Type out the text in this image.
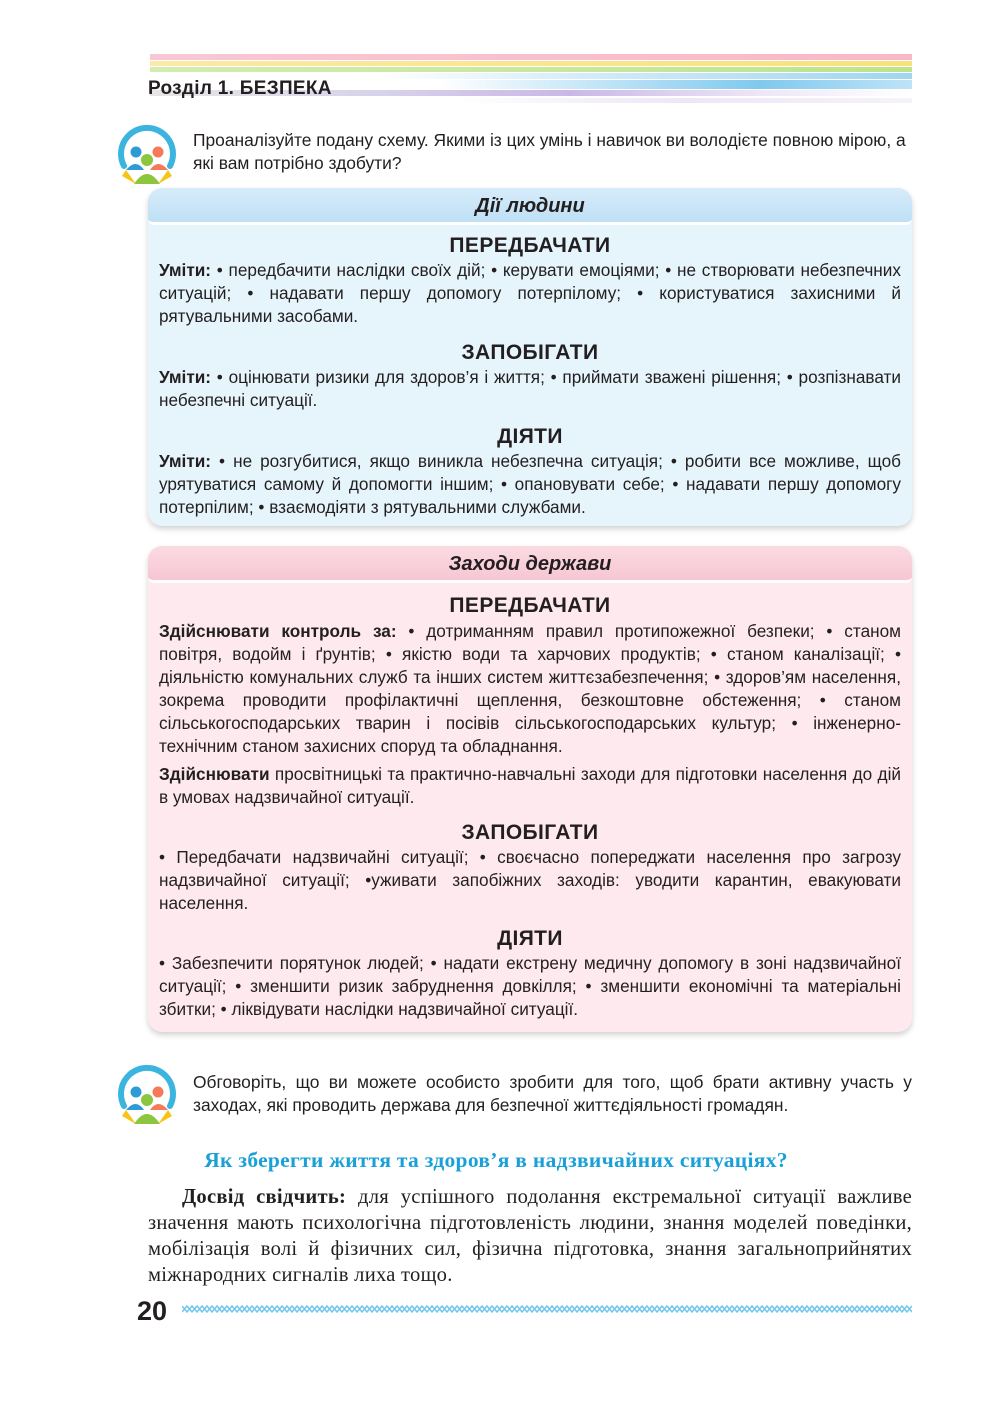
Розділ 1. БЕЗПЕКА
Проаналізуйте подану схему. Якими із цих умінь і навичок ви володієте повною мірою, а які вам потрібно здобути?
Дії людини
ПЕРЕДБАЧАТИ
Уміти: • передбачити наслідки своїх дій; • керувати емоціями; • не створювати небезпечних ситуацій; • надавати першу допомогу потерпілому; • користуватися захисними й рятувальними засобами.
ЗАПОБІГАТИ
Уміти: • оцінювати ризики для здоров’я і життя; • приймати зважені рішення; • розпізнавати небезпечні ситуації.
ДІЯТИ
Уміти: • не розгубитися, якщо виникла небезпечна ситуація; • робити все можливе, щоб урятуватися самому й допомогти іншим; • опановувати себе; • надавати першу допомогу потерпілим; • взаємодіяти з рятувальними службами.
Заходи держави
ПЕРЕДБАЧАТИ
Здійснювати контроль за: • дотриманням правил протипожежної безпеки; • станом повітря, водойм і ґрунтів; • якістю води та харчових продуктів; • станом каналізації; • діяльністю комунальних служб та інших систем життєзабезпечення; • здоров’ям населення, зокрема проводити профілактичні щеплення, безкоштовне обстеження; • станом сільськогосподарських тварин і посівів сільськогосподарських культур; • інженерно-технічним станом захисних споруд та обладнання.
Здійснювати просвітницькі та практично-навчальні заходи для підготовки населення до дій в умовах надзвичайної ситуації.
ЗАПОБІГАТИ
• Передбачати надзвичайні ситуації; • своєчасно попереджати населення про загрозу надзвичайної ситуації; •уживати запобіжних заходів: уводити карантин, евакуювати населення.
ДІЯТИ
• Забезпечити порятунок людей; • надати екстрену медичну допомогу в зоні надзвичайної ситуації; • зменшити ризик забруднення довкілля; • зменшити економічні та матеріальні збитки; • ліквідувати наслідки надзвичайної ситуації.
Обговоріть, що ви можете особисто зробити для того, щоб брати активну участь у заходах, які проводить держава для безпечної життєдіяльності громадян.
Як зберегти життя та здоров’я в надзвичайних ситуаціях?
Досвід свідчить: для успішного подолання екстремальної ситуації важливе значення мають психологічна підготовленість людини, знання моделей поведінки, мобілізація волі й фізичних сил, фізична підготовка, знання загальноприйнятих міжнародних сигналів лиха тощо.
20
